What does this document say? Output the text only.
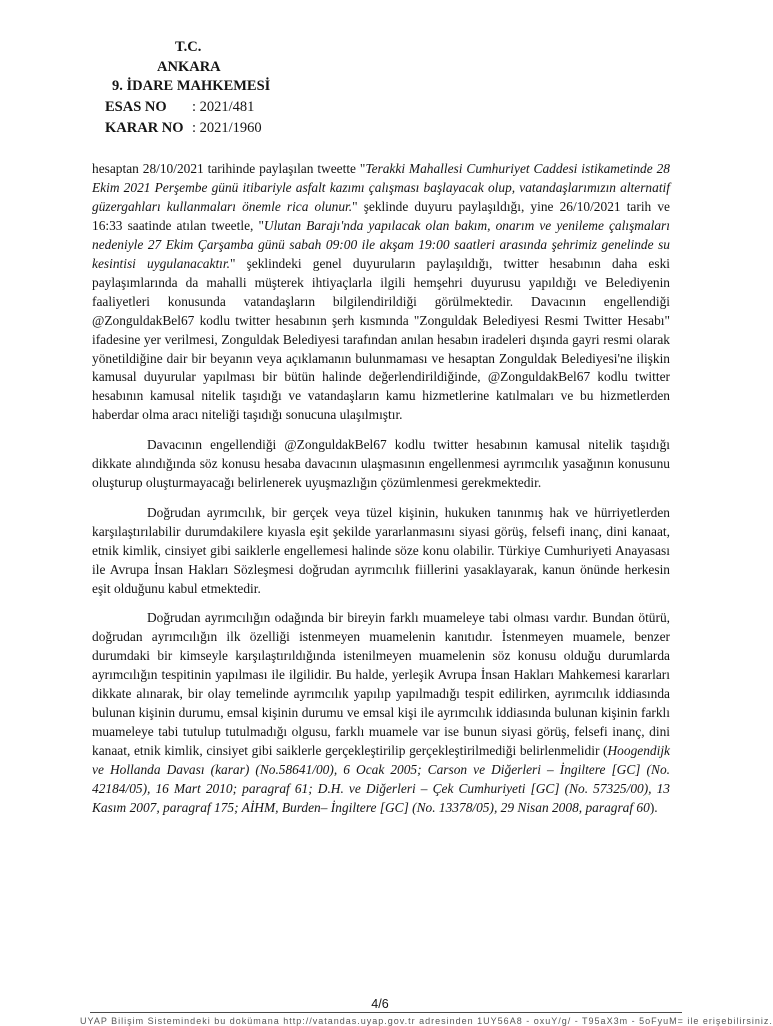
T.C.
ANKARA
9. İDARE MAHKEMESİ
ESAS NO	: 2021/481
KARAR NO : 2021/1960

hesaptan 28/10/2021 tarihinde paylaşılan tweette "Terakki Mahallesi Cumhuriyet Caddesi istikametinde 28 Ekim 2021 Perşembe günü itibariyle asfalt kazımı çalışması başlayacak olup, vatandaşlarımızın alternatif güzergahları kullanmaları önemle rica olunur." şeklinde duyuru paylaşıldığı, yine 26/10/2021 tarih ve 16:33 saatinde atılan tweetle, "Ulutan Barajı'nda yapılacak olan bakım, onarım ve yenileme çalışmaları nedeniyle 27 Ekim Çarşamba günü sabah 09:00 ile akşam 19:00 saatleri arasında şehrimiz genelinde su kesintisi uygulanacaktır." şeklindeki genel duyuruların paylaşıldığı, twitter hesabının daha eski paylaşımlarında da mahalli müşterek ihtiyaçlarla ilgili hemşehri duyurusu yapıldığı ve Belediyenin faaliyetleri konusunda vatandaşların bilgilendirildiği görülmektedir. Davacının engellendiği @ZonguldakBel67 kodlu twitter hesabının şerh kısmında "Zonguldak Belediyesi Resmi Twitter Hesabı" ifadesine yer verilmesi, Zonguldak Belediyesi tarafından anılan hesabın iradeleri dışında gayri resmi olarak yönetildiğine dair bir beyanın veya açıklamanın bulunmaması ve hesaptan Zonguldak Belediyesi'ne ilişkin kamusal duyurular yapılması bir bütün halinde değerlendirildiğinde, @ZonguldakBel67 kodlu twitter hesabının kamusal nitelik taşıdığı ve vatandaşların kamu hizmetlerine katılmaları ve bu hizmetlerden haberdar olma aracı niteliği taşıdığı sonucuna ulaşılmıştır.

Davacının engellendiği @ZonguldakBel67 kodlu twitter hesabının kamusal nitelik taşıdığı dikkate alındığında söz konusu hesaba davacının ulaşmasının engellenmesi ayrımcılık yasağının konusunu oluşturup oluşturmayacağı belirlenerek uyuşmazlığın çözümlenmesi gerekmektedir.

Doğrudan ayrımcılık, bir gerçek veya tüzel kişinin, hukuken tanınmış hak ve hürriyetlerden karşılaştırılabilir durumdakilere kıyasla eşit şekilde yararlanmasını siyasi görüş, felsefi inanç, dini kanaat, etnik kimlik, cinsiyet gibi saiklerle engellemesi halinde söze konu olabilir. Türkiye Cumhuriyeti Anayasası ile Avrupa İnsan Hakları Sözleşmesi doğrudan ayrımcılık fiillerini yasaklayarak, kanun önünde herkesin eşit olduğunu kabul etmektedir.

Doğrudan ayrımcılığın odağında bir bireyin farklı muameleye tabi olması vardır. Bundan ötürü, doğrudan ayrımcılığın ilk özelliği istenmeyen muamelenin kanıtıdır. İstenmeyen muamele, benzer durumdaki bir kimseyle karşılaştırıldığında istenilmeyen muamelenin söz konusu olduğu durumlarda ayrımcılığın tespitinin yapılması ile ilgilidir. Bu halde, yerleşik Avrupa İnsan Hakları Mahkemesi kararları dikkate alınarak, bir olay temelinde ayrımcılık yapılıp yapılmadığı tespit edilirken, ayrımcılık iddiasında bulunan kişinin durumu, emsal kişinin durumu ve emsal kişi ile ayrımcılık iddiasında bulunan kişinin farklı muameleye tabi tutulup tutulmadığı olgusu, farklı muamele var ise bunun siyasi görüş, felsefi inanç, dini kanaat, etnik kimlik, cinsiyet gibi saiklerle gerçekleştirilip gerçekleştirilmediği belirlenmelidir (Hoogendijk ve Hollanda Davası (karar) (No.58641/00), 6 Ocak 2005; Carson ve Diğerleri – İngiltere [GC] (No. 42184/05), 16 Mart 2010; paragraf 61; D.H. ve Diğerleri – Çek Cumhuriyeti [GC] (No. 57325/00), 13 Kasım 2007, paragraf 175; AİHM, Burden– İngiltere [GC] (No. 13378/05), 29 Nisan 2008, paragraf 60).

4/6
UYAP Bilişim Sistemindeki bu dokümana http://vatandas.uyap.gov.tr adresinden 1UY56A8 - oxuY/g/ - T95aX3m - 5oFyuM= ile erişebilirsiniz.
